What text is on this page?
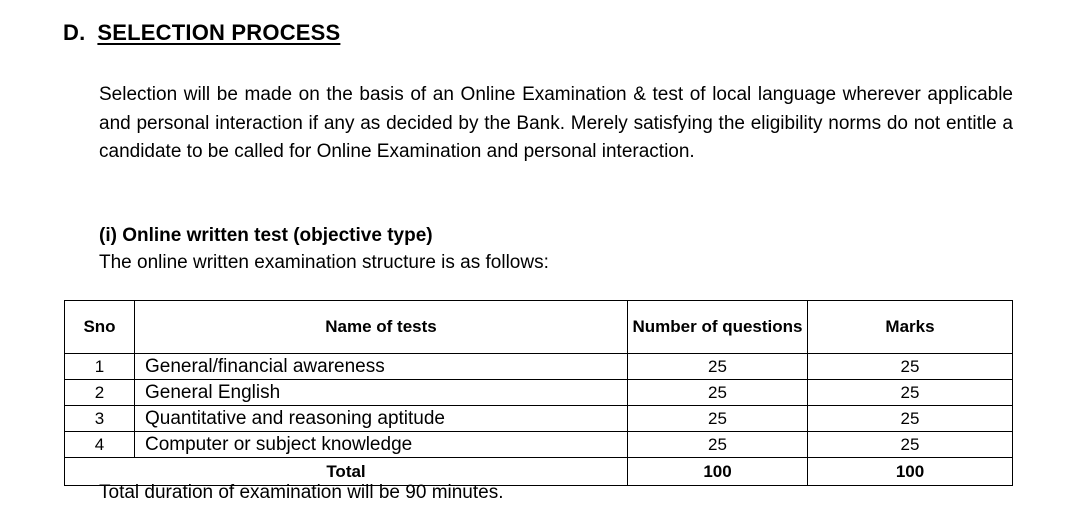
D. SELECTION PROCESS
Selection will be made on the basis of an Online Examination & test of local language wherever applicable and personal interaction if any as decided by the Bank. Merely satisfying the eligibility norms do not entitle a candidate to be called for Online Examination and personal interaction.
(i) Online written test (objective type)
The online written examination structure is as follows:
Sno	Name of tests	Number of questions	Marks
1	General/financial awareness	25	25
2	General English	25	25
3	Quantitative and reasoning aptitude	25	25
4	Computer or subject knowledge	25	25
Total		100	100
Total duration of examination will be 90 minutes.
